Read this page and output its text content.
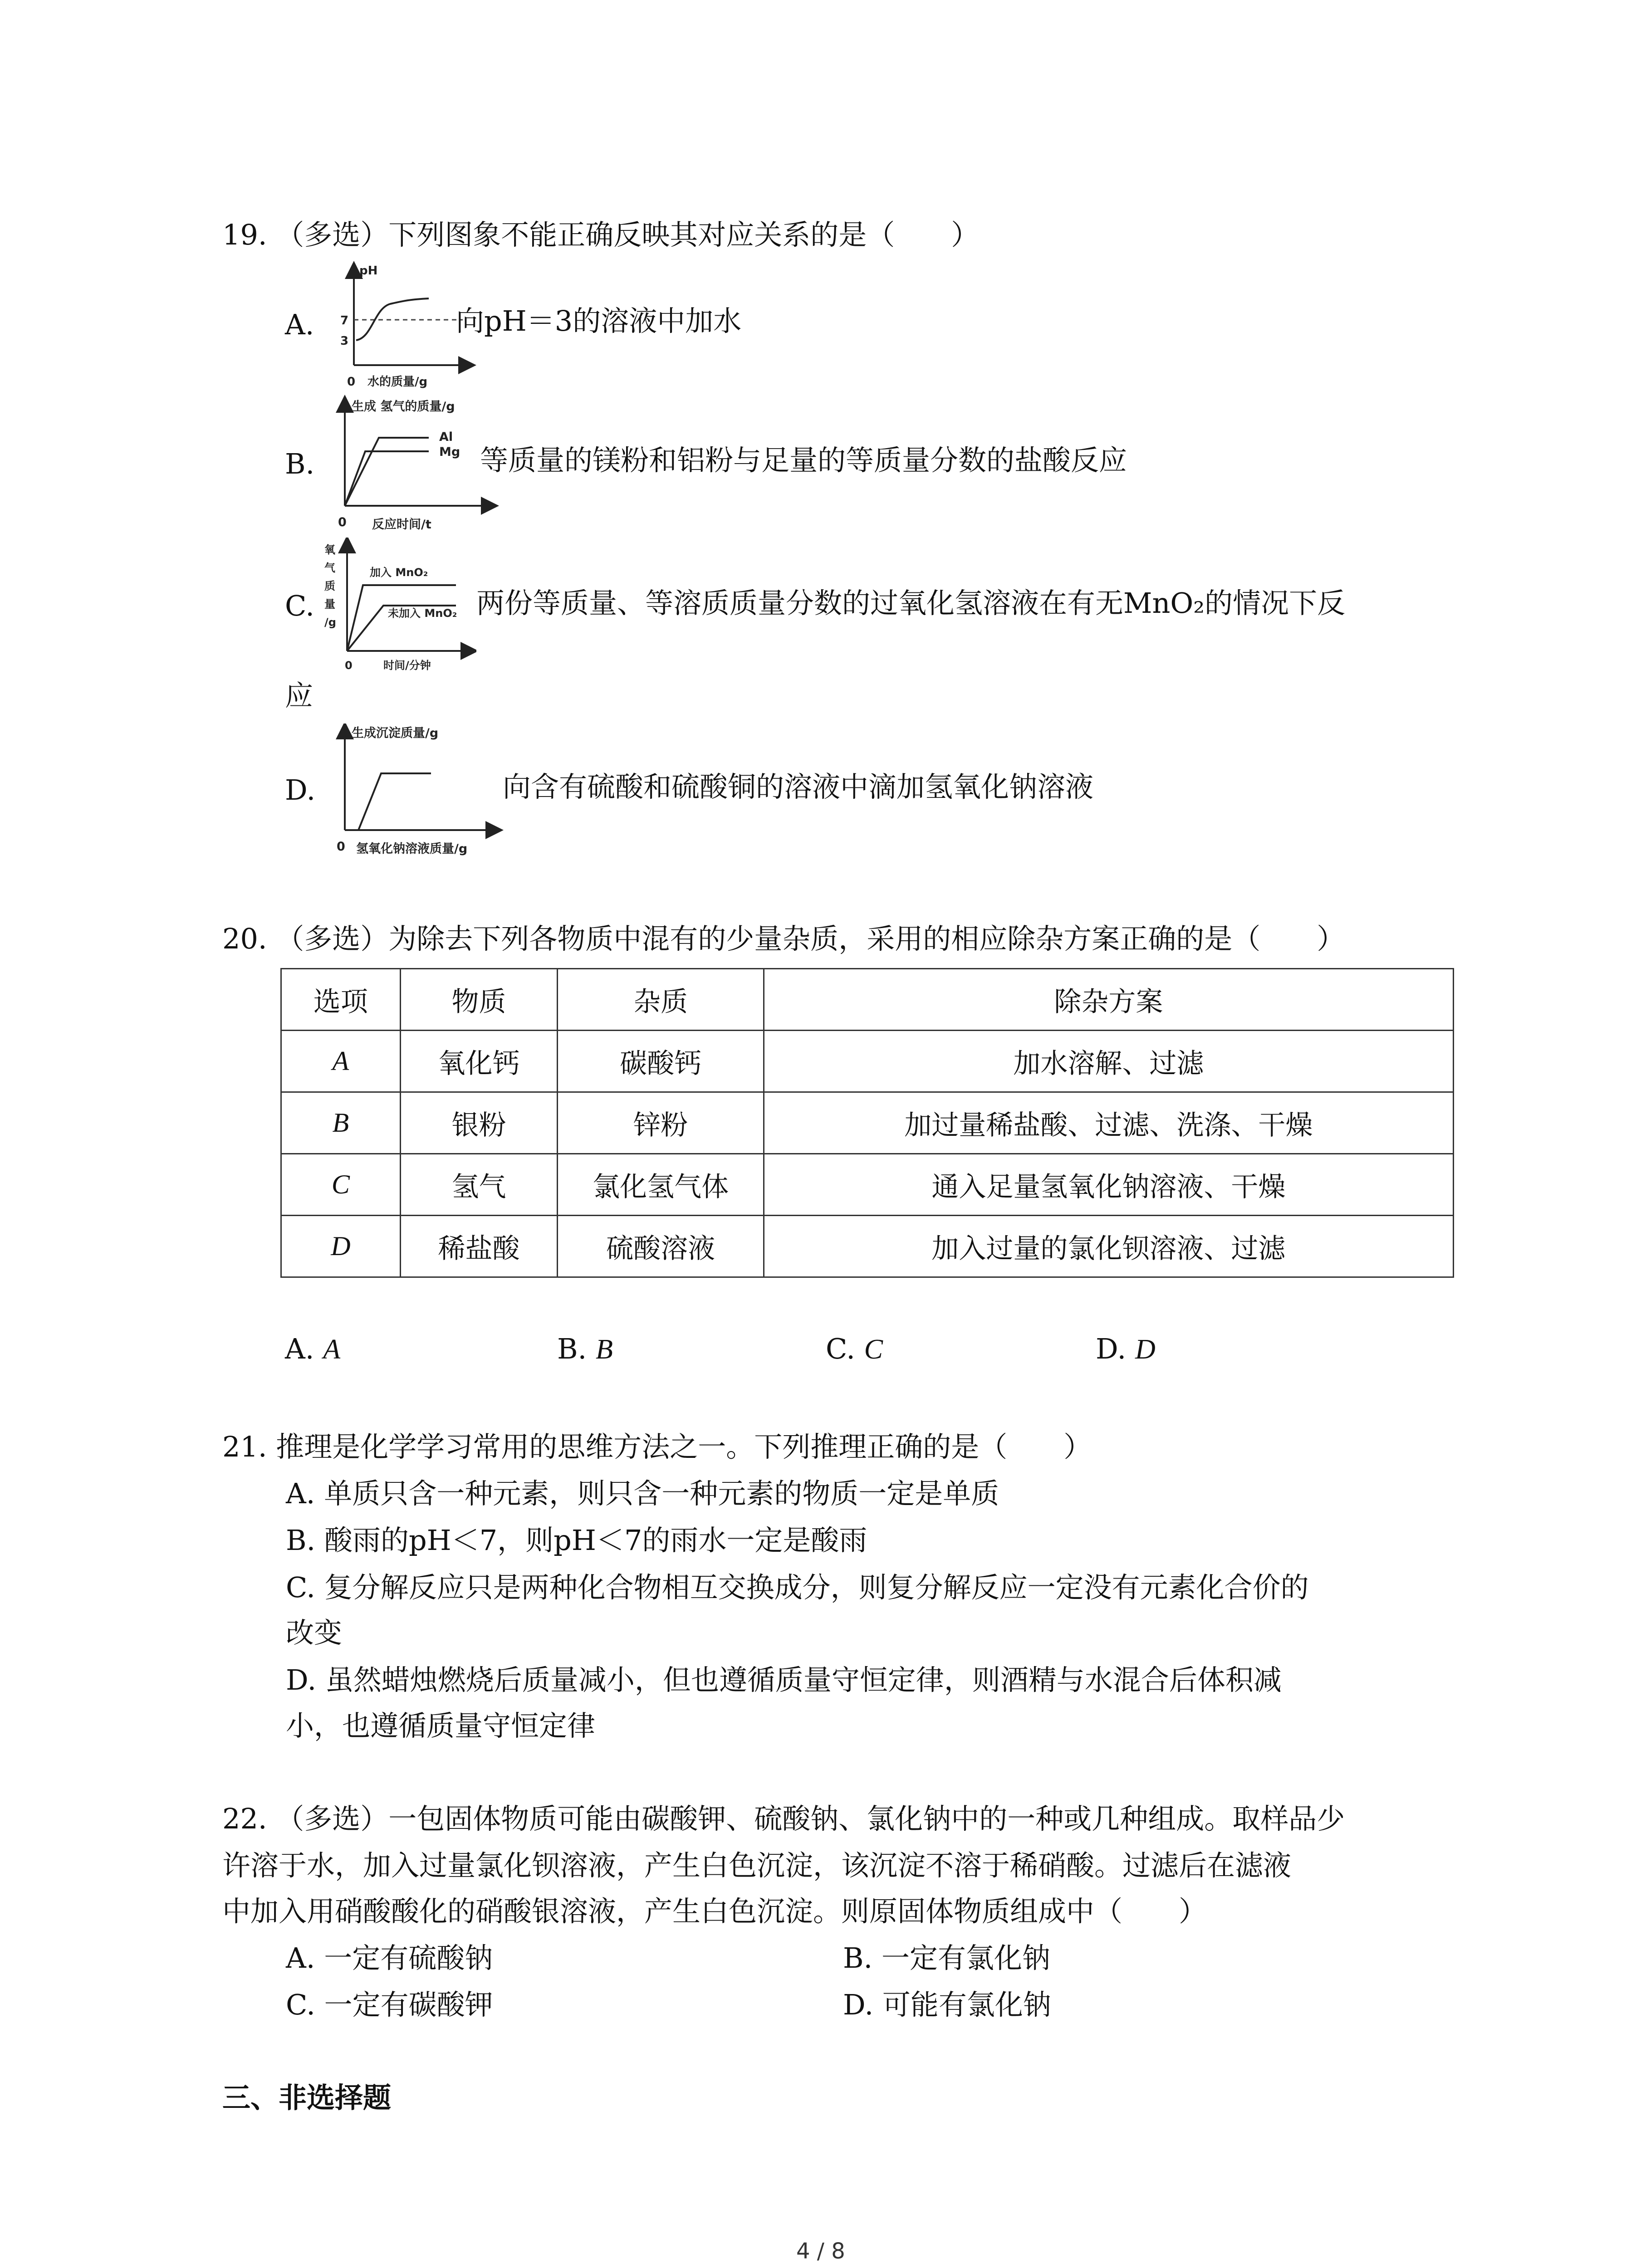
19. （多选）下列图象不能正确反映其对应关系的是（　　）
A.
pH
7
3
0 水的质量/g
向pH＝3的溶液中加水
B.
生成 氢气的质量/g
Al
Mg
0 反应时间/t
等质量的镁粉和铝粉与足量的等质量分数的盐酸反应
C.
氧
气
质
量
/g
加入 MnO₂
未加入 MnO₂
0	时间/分钟
两份等质量、等溶质质量分数的过氧化氢溶液在有无MnO₂的情况下反
应
D.
生成沉淀质量/g
0 氢氧化钠溶液质量/g
向含有硫酸和硫酸铜的溶液中滴加氢氧化钠溶液
20. （多选）为除去下列各物质中混有的少量杂质，采用的相应除杂方案正确的是（　　）
选项	物质	杂质	除杂方案
A	氧化钙	碳酸钙	加水溶解、过滤
B	银粉	锌粉	加过量稀盐酸、过滤、洗涤、干燥
C	氢气	氯化氢气体	通入足量氢氧化钠溶液、干燥
D	稀盐酸	硫酸溶液	加入过量的氯化钡溶液、过滤
A. A	B. B	C. C	D. D
21. 推理是化学学习常用的思维方法之一。下列推理正确的是（　　）
A. 单质只含一种元素，则只含一种元素的物质一定是单质
B. 酸雨的pH＜7，则pH＜7的雨水一定是酸雨
C. 复分解反应只是两种化合物相互交换成分，则复分解反应一定没有元素化合价的
改变
D. 虽然蜡烛燃烧后质量减小，但也遵循质量守恒定律，则酒精与水混合后体积减
小，也遵循质量守恒定律
22. （多选）一包固体物质可能由碳酸钾、硫酸钠、氯化钠中的一种或几种组成。取样品少
许溶于水，加入过量氯化钡溶液，产生白色沉淀，该沉淀不溶于稀硝酸。过滤后在滤液
中加入用硝酸酸化的硝酸银溶液，产生白色沉淀。则原固体物质组成中（　　）
A. 一定有硫酸钠	B. 一定有氯化钠
C. 一定有碳酸钾	D. 可能有氯化钠
三、非选择题
4 / 8
